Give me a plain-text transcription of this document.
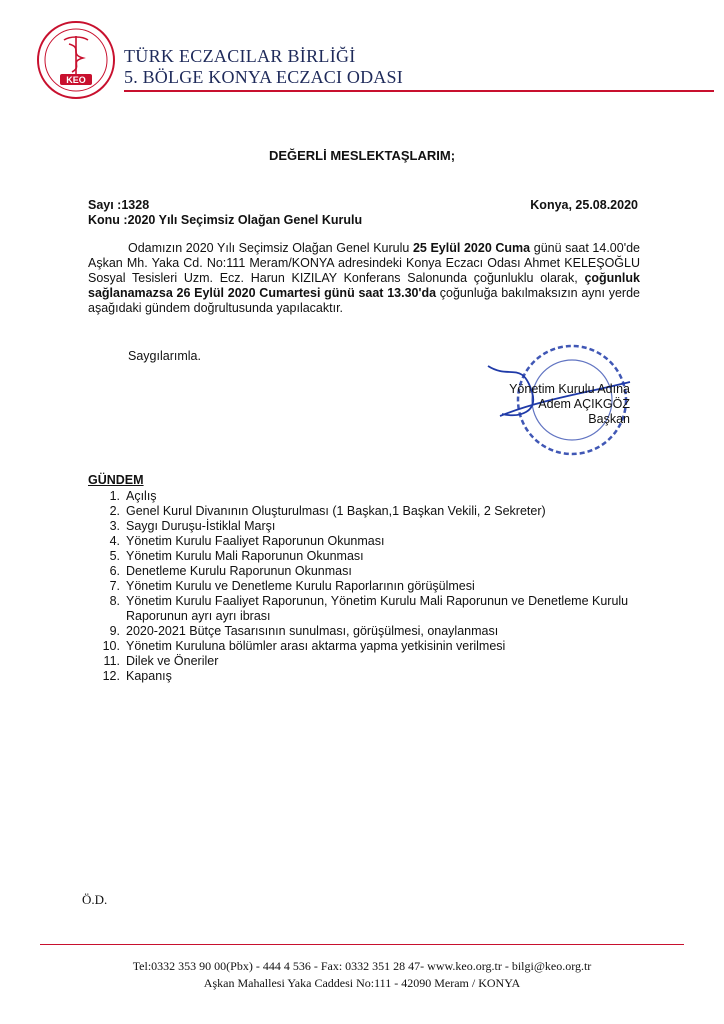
KEO
TÜRK ECZACILAR BİRLİĞİ
5. BÖLGE KONYA ECZACI ODASI
DEĞERLİ MESLEKTAŞLARIM;
Sayı :1328
Konu :2020 Yılı Seçimsiz Olağan Genel Kurulu
Konya, 25.08.2020

Odamızın 2020 Yılı Seçimsiz Olağan Genel Kurulu 25 Eylül 2020 Cuma günü saat 14.00'de Aşkan Mh. Yaka Cd. No:111 Meram/KONYA adresindeki Konya Eczacı Odası Ahmet KELEŞOĞLU Sosyal Tesisleri Uzm. Ecz. Harun KIZILAY Konferans Salonunda çoğunluklu olarak, çoğunluk sağlanamazsa 26 Eylül 2020 Cumartesi günü saat 13.30'da çoğunluğa bakılmaksızın aynı yerde aşağıdaki gündem doğrultusunda yapılacaktır.

Saygılarımla.
Yönetim Kurulu Adına
Adem AÇIKGÖZ
Başkan
GÜNDEM
1. Açılış
2. Genel Kurul Divanının Oluşturulması (1 Başkan,1 Başkan Vekili, 2 Sekreter)
3. Saygı Duruşu-İstiklal Marşı
4. Yönetim Kurulu Faaliyet Raporunun Okunması
5. Yönetim Kurulu Mali Raporunun Okunması
6. Denetleme Kurulu Raporunun Okunması
7. Yönetim Kurulu ve Denetleme Kurulu Raporlarının görüşülmesi
8. Yönetim Kurulu Faaliyet Raporunun, Yönetim Kurulu Mali Raporunun ve Denetleme Kurulu Raporunun ayrı ayrı ibrası
9. 2020-2021 Bütçe Tasarısının sunulması, görüşülmesi, onaylanması
10. Yönetim Kuruluna bölümler arası aktarma yapma yetkisinin verilmesi
11. Dilek ve Öneriler
12. Kapanış
Ö.D.
Tel:0332 353 90 00(Pbx) - 444 4 536 - Fax: 0332 351 28 47- www.keo.org.tr - bilgi@keo.org.tr
Aşkan Mahallesi Yaka Caddesi No:111 - 42090 Meram / KONYA
